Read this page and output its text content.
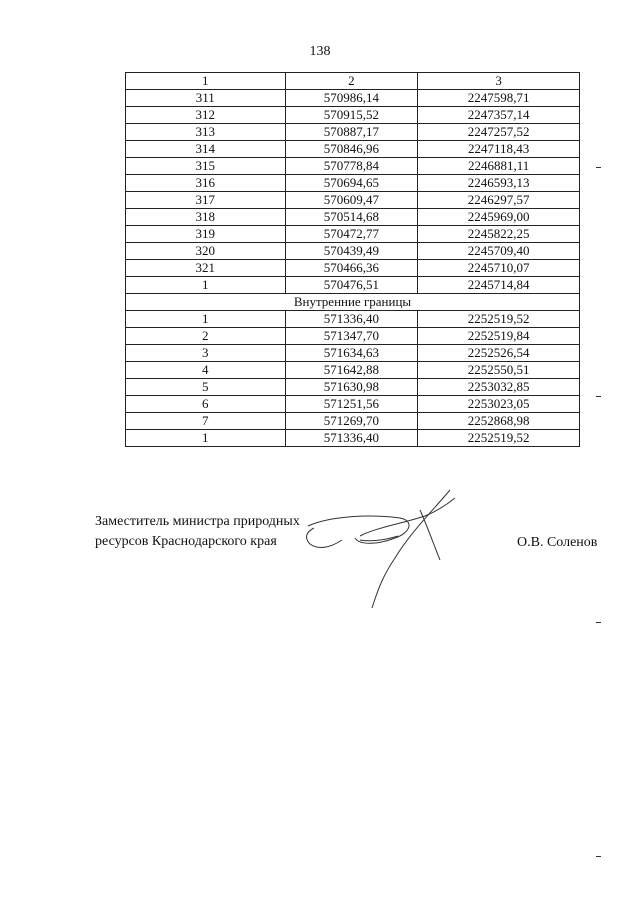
138
1	2	3
311	570986,14	2247598,71
312	570915,52	2247357,14
313	570887,17	2247257,52
314	570846,96	2247118,43
315	570778,84	2246881,11
316	570694,65	2246593,13
317	570609,47	2246297,57
318	570514,68	2245969,00
319	570472,77	2245822,25
320	570439,49	2245709,40
321	570466,36	2245710,07
1	570476,51	2245714,84
Внутренние границы		
1	571336,40	2252519,52
2	571347,70	2252519,84
3	571634,63	2252526,54
4	571642,88	2252550,51
5	571630,98	2253032,85
6	571251,56	2253023,05
7	571269,70	2252868,98
1	571336,40	2252519,52
Заместитель министра природных
ресурсов Краснодарского края	О.В. Соленов
